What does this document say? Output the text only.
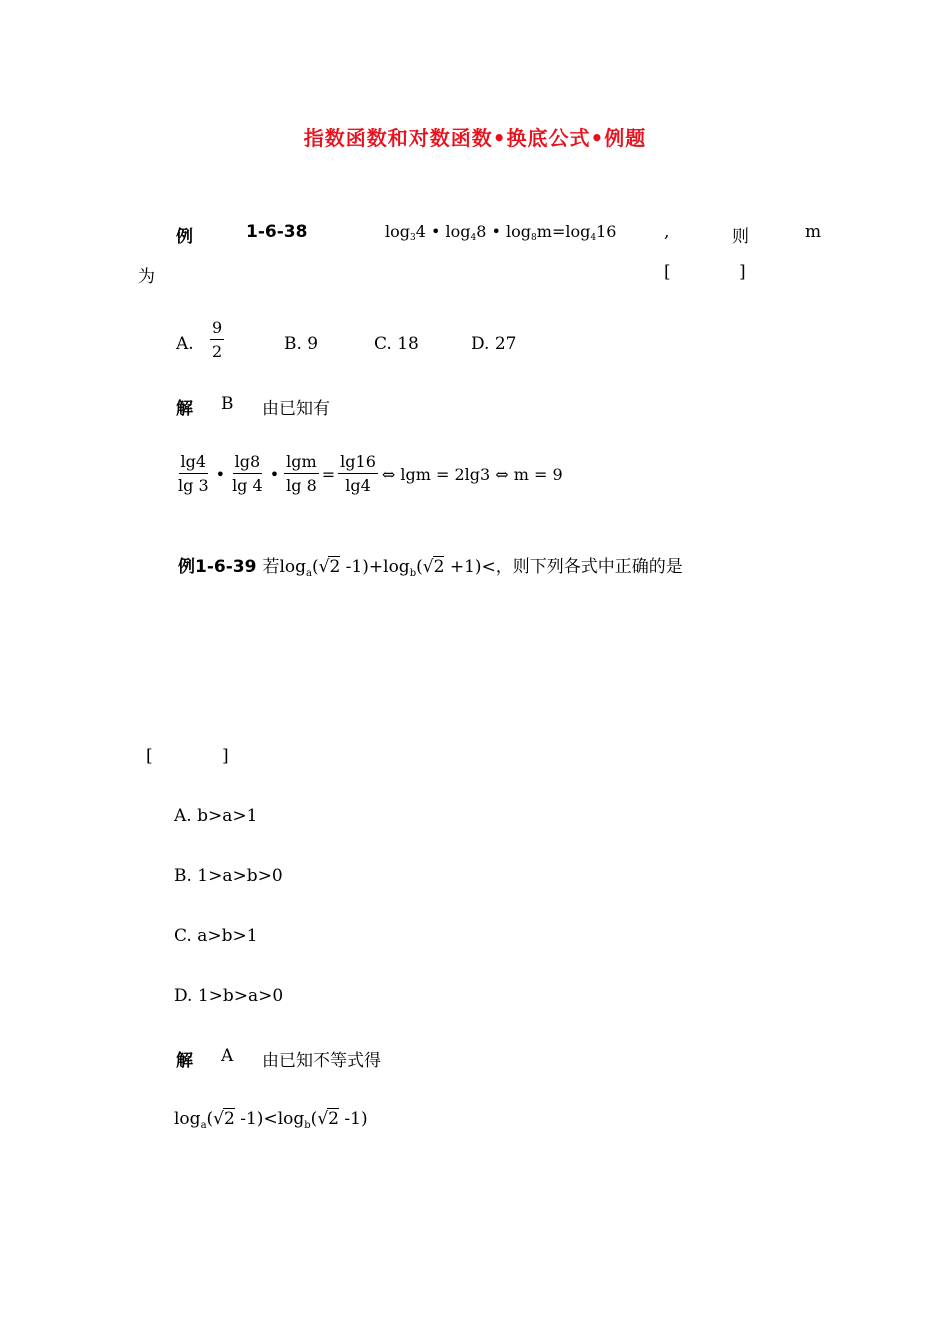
指数函数和对数函数•换底公式•例题
例	1-6-38	$\log_34$ • $\log_48$ • $\log_8m=\log_416$	,	则	m
为	[	]
A. $\frac{9}{2}$	B. 9	C. 18	D. 27
解 B 由已知有
$\frac{\lg 4}{\lg 3}$ • $\frac{\lg 8}{\lg 4}$ • $\frac{\lg m}{\lg 8} = \frac{\lg 16}{\lg 4}$ ⇔ lgm = 2lg3 ⇔ m = 9
例1-6-39 若 $\log_a(√2$ $-1)+\log_b(√2 +1)$ < ，则下列各式中正确的是
[	]
A. b>a>1
B. 1>a>b>0
C. a>b>1
D. 1>b>a>0
解 A 由已知不等式得
$\log_a(√2$ $-1)<\log_b(√2$ -1)
